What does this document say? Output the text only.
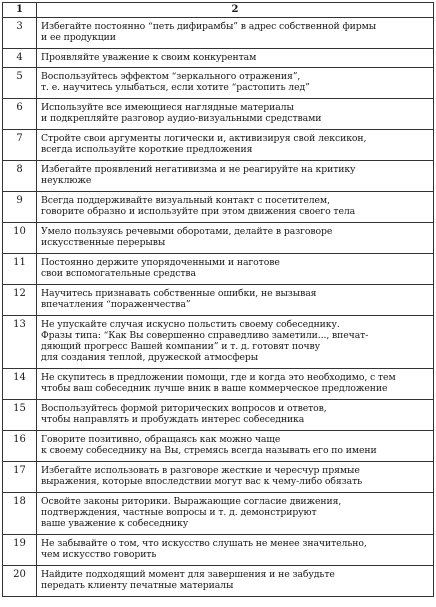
1	2
3	Избегайте постоянно “петь дифирамбы” в адрес собственной фирмы
и ее продукции

4	Проявляйте уважение к своим конкурентам

5	Воспользуйтесь эффектом “зеркального отражения”,
т. е. научитесь улыбаться, если хотите “растопить лед”

6	Используйте все имеющиеся наглядные материалы
и подкрепляйте разговор аудио-визуальными средствами

7	Стройте свои аргументы логически и, активизируя свой лексикон,
всегда используйте короткие предложения

8	Избегайте проявлений негативизма и не реагируйте на критику
неуклюже

9	Всегда поддерживайте визуальный контакт с посетителем,
говорите образно и используйте при этом движения своего тела

10	Умело пользуясь речевыми оборотами, делайте в разговоре
искусственные перерывы

11	Постоянно держите упорядоченными и наготове
свои вспомогательные средства

12	Научитесь признавать собственные ошибки, не вызывая
впечатления “пораженчества”

13	Не упускайте случая искусно польстить своему собеседнику.
Фразы типа: “Как Вы совершенно справедливо заметили..., впечат-
дяющий прогресс Вашей компании” и т. д. готовят почву
для создания теплой, дружеской атмосферы

14	Не скупитесь в предложении помощи, где и когда это необходимо, с тем
чтобы ваш собеседник лучше вник в ваше коммерческое предложение

15	Воспользуйтесь формой риторических вопросов и ответов,
чтобы направлять и пробуждать интерес собеседника

16	Говорите позитивно, обращаясь как можно чаще
к своему собеседнику на Вы, стремясь всегда называть его по имени

17	Избегайте использовать в разговоре жесткие и чересчур прямые
выражения, которые впоследствии могут вас к чему-либо обязать

18	Освойте законы риторики. Выражающие согласие движения,
подтверждения, частные вопросы и т. д. демонстрируют
ваше уважение к собеседнику

19	Не забывайте о том, что искусство слушать не менее значительно,
чем искусство говорить

20	Найдите подходящий момент для завершения и не забудьте
передать клиенту печатные материалы
